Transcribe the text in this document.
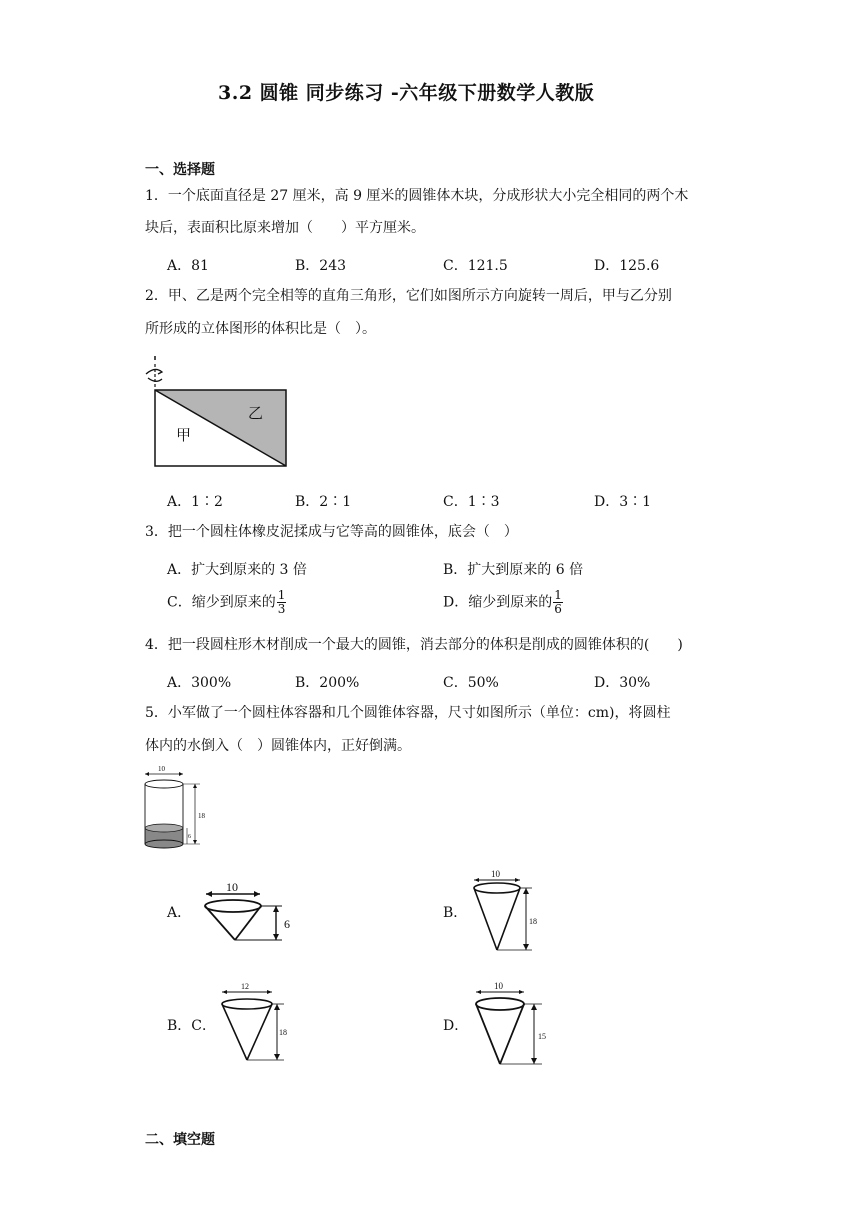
3.2 圆锥 同步练习 -六年级下册数学人教版
一、选择题
1．一个底面直径是 27 厘米，高 9 厘米的圆锥体木块，分成形状大小完全相同的两个木
块后，表面积比原来增加（　　）平方厘米。
A．81	B．243	C．121.5	D．125.6
2．甲、乙是两个完全相等的直角三角形，它们如图所示方向旋转一周后，甲与乙分别
所形成的立体图形的体积比是（　）。
甲
乙
A．1∶2	B．2∶1	C．1∶3	D．3∶1
3．把一个圆柱体橡皮泥揉成与它等高的圆锥体，底会（　）
A．扩大到原来的 3 倍	B．扩大到原来的 6 倍
C．缩少到原来的 $\frac{1}{3}$	D．缩少到原来的 $\frac{1}{6}$
4．把一段圆柱形木材削成一个最大的圆锥，消去部分的体积是削成的圆锥体积的(　　)
A．300%	B．200%	C．50%	D．30%
5．小军做了一个圆柱体容器和几个圆锥体容器，尺寸如图所示（单位：cm)，将圆柱
体内的水倒入（　）圆锥体内，正好倒满。
10
18
6
A．
10
6
B．
10
18
B．C．
12
18	D．
10
15
二、填空题
